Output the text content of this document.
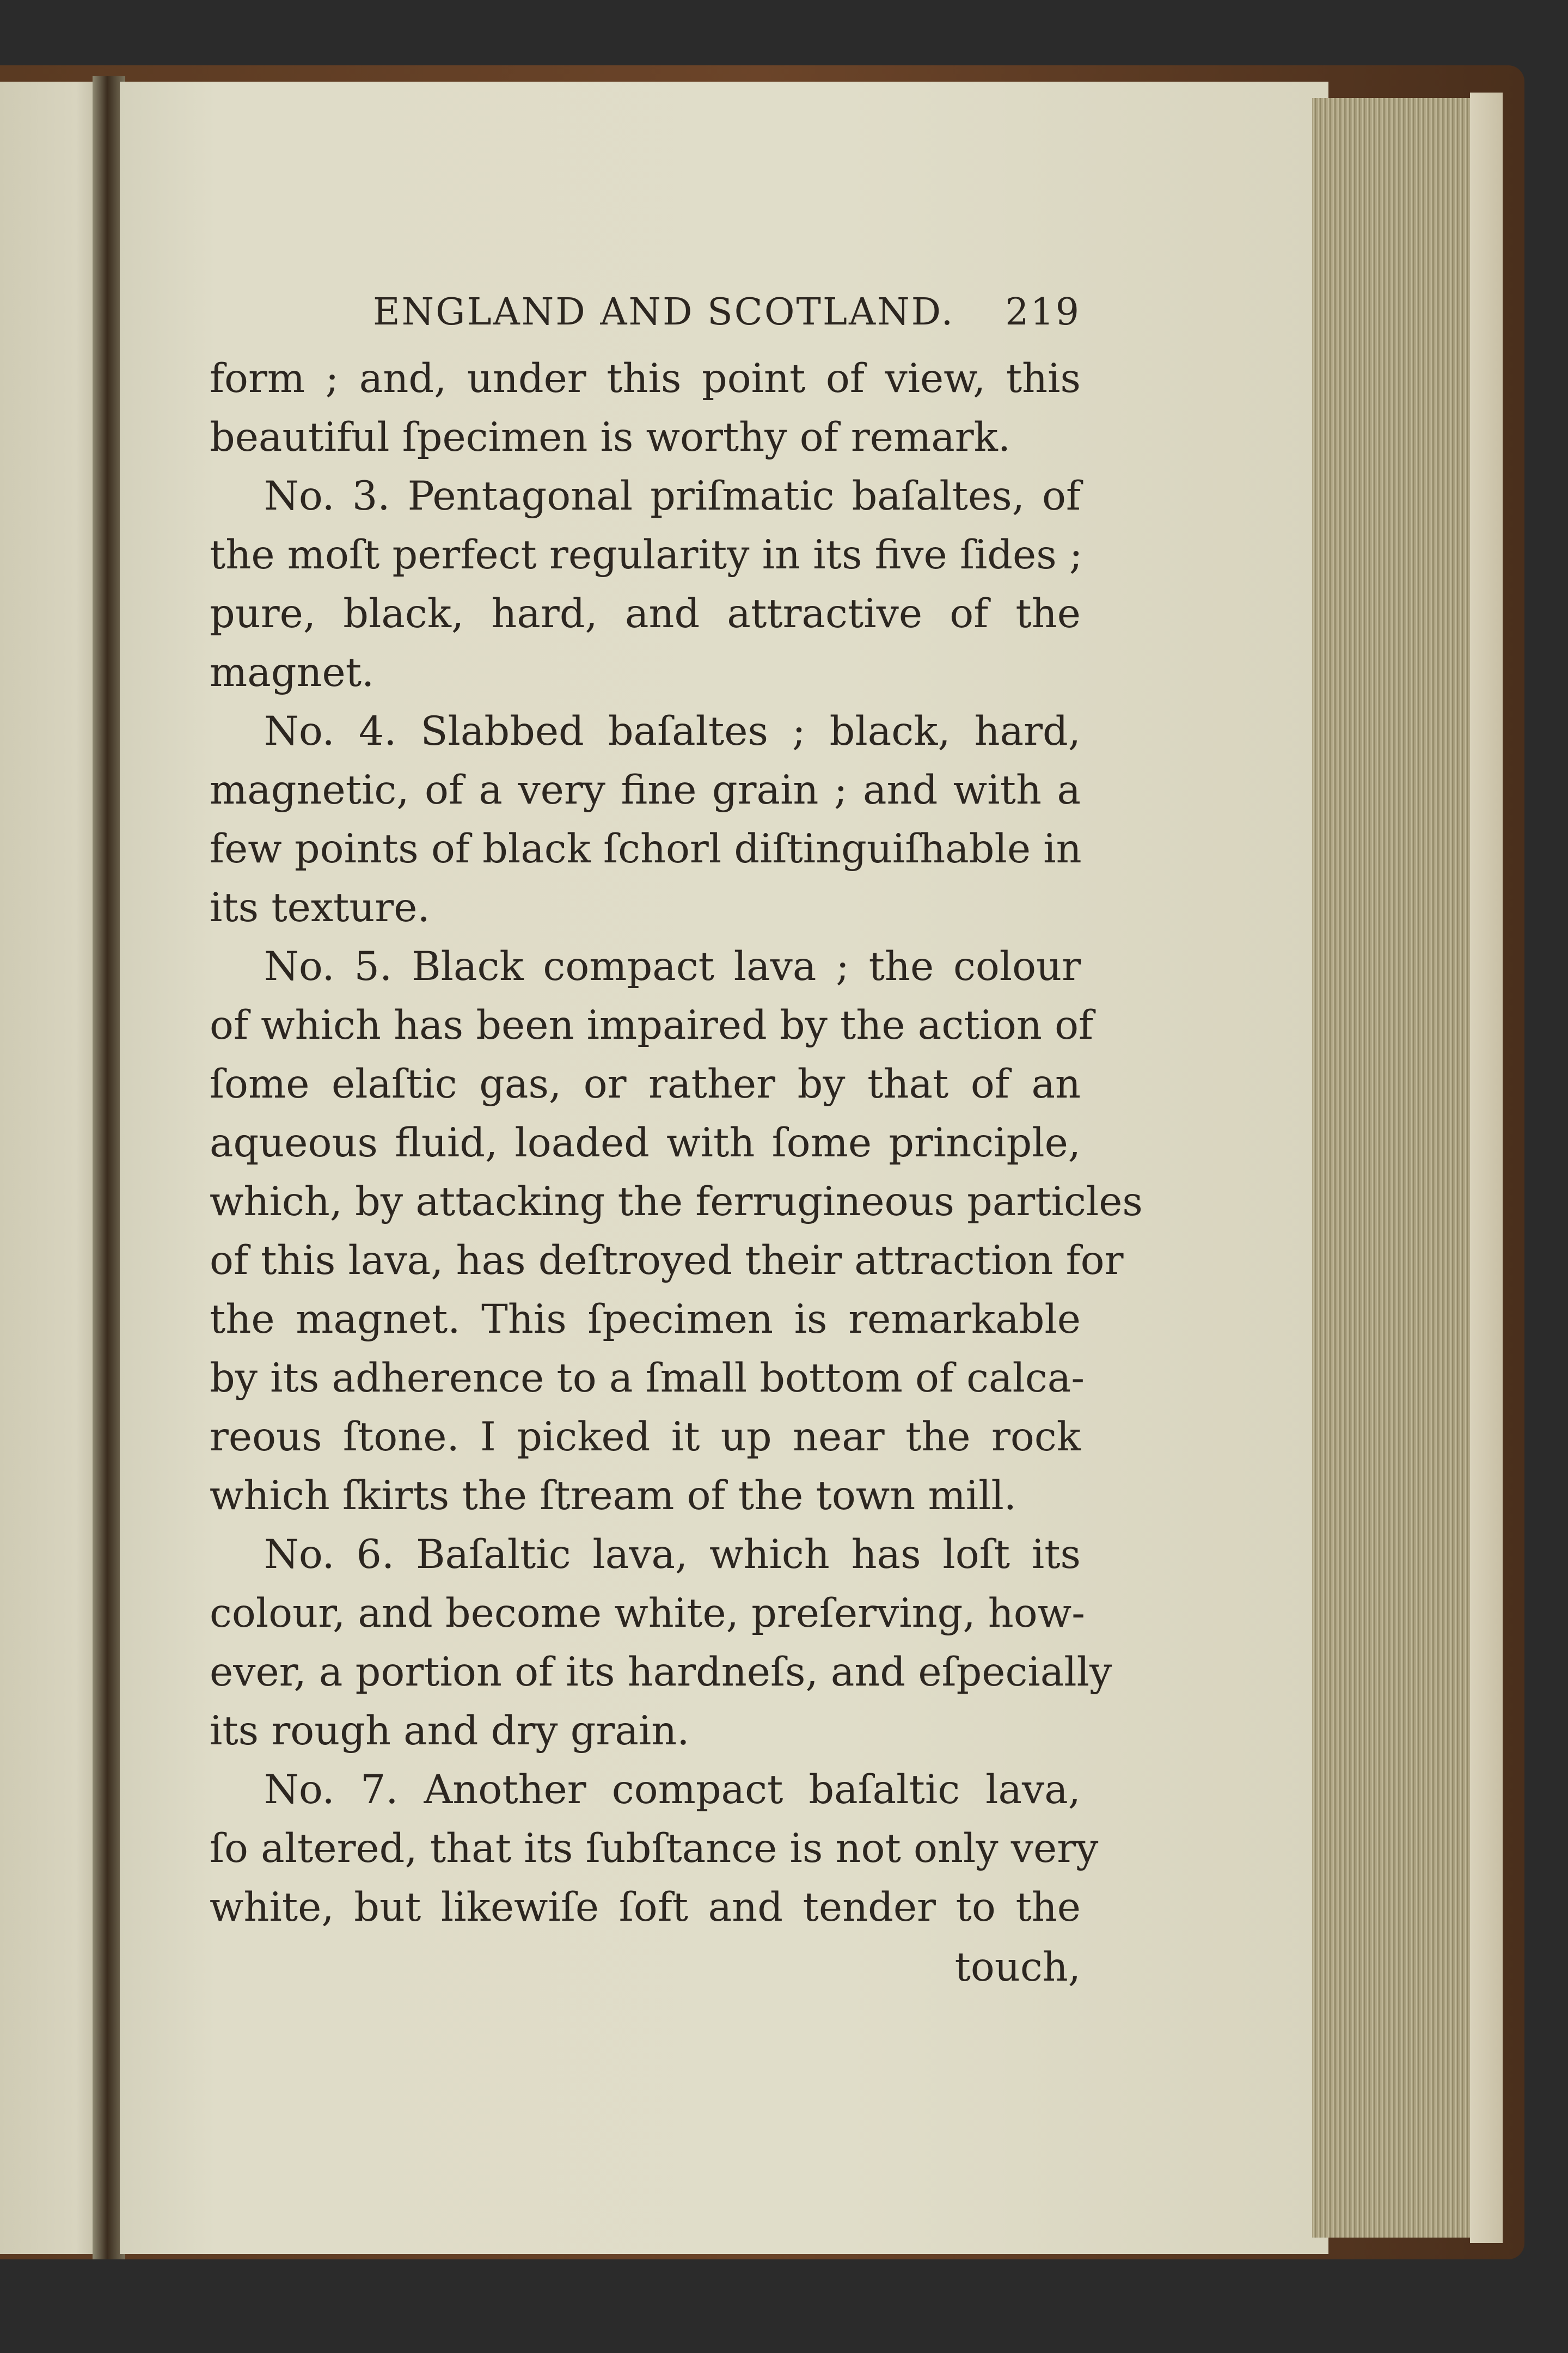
ENGLAND AND SCOTLAND. 219
form ; and, under this point of view, this
beautiful ſpecimen is worthy of remark.
No. 3. Pentagonal priſmatic baſaltes, of
the moſt perfect regularity in its five ſides ;
pure, black, hard, and attractive of the
magnet.
No. 4. Slabbed baſaltes ; black, hard,
magnetic, of a very fine grain ; and with a
few points of black ſchorl diſtinguiſhable in
its texture.
No. 5. Black compact lava ; the colour
of which has been impaired by the action of
ſome elaſtic gas, or rather by that of an
aqueous fluid, loaded with ſome principle,
which, by attacking the ferrugineous particles
of this lava, has deſtroyed their attraction for
the magnet. This ſpecimen is remarkable
by its adherence to a ſmall bottom of calca-
reous ſtone. I picked it up near the rock
which ſkirts the ſtream of the town mill.
No. 6. Baſaltic lava, which has loſt its
colour, and become white, preſerving, how-
ever, a portion of its hardneſs, and eſpecially
its rough and dry grain.
No. 7. Another compact baſaltic lava,
ſo altered, that its ſubſtance is not only very
white, but likewiſe ſoft and tender to the
touch,
